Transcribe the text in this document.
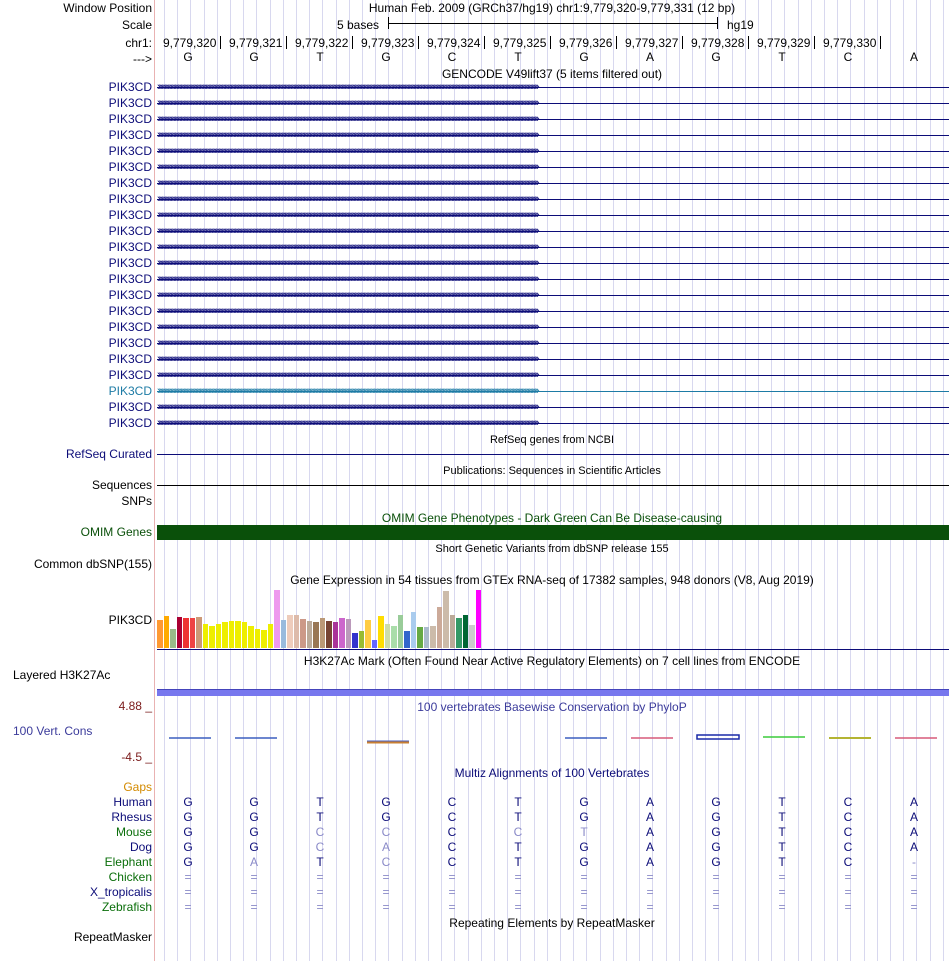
Window Position	Human Feb. 2009 (GRCh37/hg19) chr1:9,779,320-9,779,331 (12 bp)
Scale	5 bases	hg19
chr1: 9,779,320 9,779,321 9,779,322 9,779,323 9,779,324 9,779,325 9,779,326 9,779,327 9,779,328 9,779,329 9,779,330
--->	G	G	T	G	C	T	G	A	G	T	C	A
GENCODE V49lift37 (5 items filtered out)
PIK3CD ››››››››››››››››››››››››››››››››››››››››››››››››››››››››››››››››››››››››››››››››››››››››››››››››››››››››››››››››››››››››››››››››››››››››››››››››››››››››››››››››››››››››››››››››››››››››››››››››››››››››››››››››››››››››››››››››››››››››››››››››››››››››››››››››››››
PIK3CD ››››››››››››››››››››››››››››››››››››››››››››››››››››››››››››››››››››››››››››››››››››››››››››››››››››››››››››››››››››››››››››››››››››››››››››››››››››››››››››››››››››››››››››››››››››››››››››››››››››››››››››››››››››››››››››››››››››››››››››››››››››››››››››››››››››
PIK3CD ››››››››››››››››››››››››››››››››››››››››››››››››››››››››››››››››››››››››››››››››››››››››››››››››››››››››››››››››››››››››››››››››››››››››››››››››››››››››››››››››››››››››››››››››››››››››››››››››››››››››››››››››››››››››››››››››››››››››››››››››››››››››››››››››››››
PIK3CD ››››››››››››››››››››››››››››››››››››››››››››››››››››››››››››››››››››››››››››››››››››››››››››››››››››››››››››››››››››››››››››››››››››››››››››››››››››››››››››››››››››››››››››››››››››››››››››››››››››››››››››››››››››››››››››››››››››››››››››››››››››››››››››››››››››
PIK3CD ››››››››››››››››››››››››››››››››››››››››››››››››››››››››››››››››››››››››››››››››››››››››››››››››››››››››››››››››››››››››››››››››››››››››››››››››››››››››››››››››››››››››››››››››››››››››››››››››››››››››››››››››››››››››››››››››››››››››››››››››››››››››››››››››››››
PIK3CD ››››››››››››››››››››››››››››››››››››››››››››››››››››››››››››››››››››››››››››››››››››››››››››››››››››››››››››››››››››››››››››››››››››››››››››››››››››››››››››››››››››››››››››››››››››››››››››››››››››››››››››››››››››››››››››››››››››››››››››››››››››››››››››››››››››
PIK3CD ››››››››››››››››››››››››››››››››››››››››››››››››››››››››››››››››››››››››››››››››››››››››››››››››››››››››››››››››››››››››››››››››››››››››››››››››››››››››››››››››››››››››››››››››››››››››››››››››››››››››››››››››››››››››››››››››››››››››››››››››››››››››››››››››››››
PIK3CD ››››››››››››››››››››››››››››››››››››››››››››››››››››››››››››››››››››››››››››››››››››››››››››››››››››››››››››››››››››››››››››››››››››››››››››››››››››››››››››››››››››››››››››››››››››››››››››››››››››››››››››››››››››››››››››››››››››››››››››››››››››››››››››››››››››
PIK3CD ››››››››››››››››››››››››››››››››››››››››››››››››››››››››››››››››››››››››››››››››››››››››››››››››››››››››››››››››››››››››››››››››››››››››››››››››››››››››››››››››››››››››››››››››››››››››››››››››››››››››››››››››››››››››››››››››››››››››››››››››››››››››››››››››››››
PIK3CD ››››››››››››››››››››››››››››››››››››››››››››››››››››››››››››››››››››››››››››››››››››››››››››››››››››››››››››››››››››››››››››››››››››››››››››››››››››››››››››››››››››››››››››››››››››››››››››››››››››››››››››››››››››››››››››››››››››››››››››››››››››››››››››››››››››
PIK3CD ››››››››››››››››››››››››››››››››››››››››››››››››››››››››››››››››››››››››››››››››››››››››››››››››››››››››››››››››››››››››››››››››››››››››››››››››››››››››››››››››››››››››››››››››››››››››››››››››››››››››››››››››››››››››››››››››››››››››››››››››››››››››››››››››››››
PIK3CD ››››››››››››››››››››››››››››››››››››››››››››››››››››››››››››››››››››››››››››››››››››››››››››››››››››››››››››››››››››››››››››››››››››››››››››››››››››››››››››››››››››››››››››››››››››››››››››››››››››››››››››››››››››››››››››››››››››››››››››››››››››››››››››››››››››
PIK3CD ››››››››››››››››››››››››››››››››››››››››››››››››››››››››››››››››››››››››››››››››››››››››››››››››››››››››››››››››››››››››››››››››››››››››››››››››››››››››››››››››››››››››››››››››››››››››››››››››››››››››››››››››››››››››››››››››››››››››››››››››››››››››››››››››››››
PIK3CD ››››››››››››››››››››››››››››››››››››››››››››››››››››››››››››››››››››››››››››››››››››››››››››››››››››››››››››››››››››››››››››››››››››››››››››››››››››››››››››››››››››››››››››››››››››››››››››››››››››››››››››››››››››››››››››››››››››››››››››››››››››››››››››››››››››
PIK3CD ››››››››››››››››››››››››››››››››››››››››››››››››››››››››››››››››››››››››››››››››››››››››››››››››››››››››››››››››››››››››››››››››››››››››››››››››››››››››››››››››››››››››››››››››››››››››››››››››››››››››››››››››››››››››››››››››››››››››››››››››››››››››››››››››››››
PIK3CD ››››››››››››››››››››››››››››››››››››››››››››››››››››››››››››››››››››››››››››››››››››››››››››››››››››››››››››››››››››››››››››››››››››››››››››››››››››››››››››››››››››››››››››››››››››››››››››››››››››››››››››››››››››››››››››››››››››››››››››››››››››››››››››››››››››
PIK3CD ››››››››››››››››››››››››››››››››››››››››››››››››››››››››››››››››››››››››››››››››››››››››››››››››››››››››››››››››››››››››››››››››››››››››››››››››››››››››››››››››››››››››››››››››››››››››››››››››››››››››››››››››››››››››››››››››››››››››››››››››››››››››››››››››››››
PIK3CD ››››››››››››››››››››››››››››››››››››››››››››››››››››››››››››››››››››››››››››››››››››››››››››››››››››››››››››››››››››››››››››››››››››››››››››››››››››››››››››››››››››››››››››››››››››››››››››››››››››››››››››››››››››››››››››››››››››››››››››››››››››››››››››››››››››
PIK3CD ››››››››››››››››››››››››››››››››››››››››››››››››››››››››››››››››››››››››››››››››››››››››››››››››››››››››››››››››››››››››››››››››››››››››››››››››››››››››››››››››››››››››››››››››››››››››››››››››››››››››››››››››››››››››››››››››››››››››››››››››››››››››››››››››››››
PIK3CD ››››››››››››››››››››››››››››››››››››››››››››››››››››››››››››››››››››››››››››››››››››››››››››››››››››››››››››››››››››››››››››››››››››››››››››››››››››››››››››››››››››››››››››››››››››››››››››››››››››››››››››››››››››››››››››››››››››››››››››››››››››››››››››››››››››
PIK3CD ››››››››››››››››››››››››››››››››››››››››››››››››››››››››››››››››››››››››››››››››››››››››››››››››››››››››››››››››››››››››››››››››››››››››››››››››››››››››››››››››››››››››››››››››››››››››››››››››››››››››››››››››››››››››››››››››››››››››››››››››››››››››››››››››››››
PIK3CD ››››››››››››››››››››››››››››››››››››››››››››››››››››››››››››››››››››››››››››››››››››››››››››››››››››››››››››››››››››››››››››››››››››››››››››››››››››››››››››››››››››››››››››››››››››››››››››››››››››››››››››››››››››››››››››››››››››››››››››››››››››››››››››››››››››
RefSeq genes from NCBI
RefSeq Curated
Publications: Sequences in Scientific Articles
Sequences
SNPs
OMIM Gene Phenotypes - Dark Green Can Be Disease-causing
OMIM Genes
Short Genetic Variants from dbSNP release 155
Common dbSNP(155)
Gene Expression in 54 tissues from GTEx RNA-seq of 17382 samples, 948 donors (V8, Aug 2019)
PIK3CD
H3K27Ac Mark (Often Found Near Active Regulatory Elements) on 7 cell lines from ENCODE
Layered H3K27Ac
4.88 _	100 vertebrates Basewise Conservation by PhyloP
100 Vert. Cons
-4.5 _
Multiz Alignments of 100 Vertebrates
Gaps
Human	G	G	T	G	C	T	G	A	G	T	C	A
Rhesus	G	G	T	G	C	T	G	A	G	T	C	A
Mouse	G	G	C	C	C	C	T	A	G	T	C	A
Dog	G	G	C	A	C	T	G	A	G	T	C	A
Elephant	G	A	T	C	C	T	G	A	G	T	C	-
Chicken	=	=	=	=	=	=	=	=	=	=	=	=
X_tropicalis	=	=	=	=	=	=	=	=	=	=	=	=
Zebrafish	=	=	=	=	=	=	=	=	=	=	=	=
Repeating Elements by RepeatMasker
RepeatMasker
